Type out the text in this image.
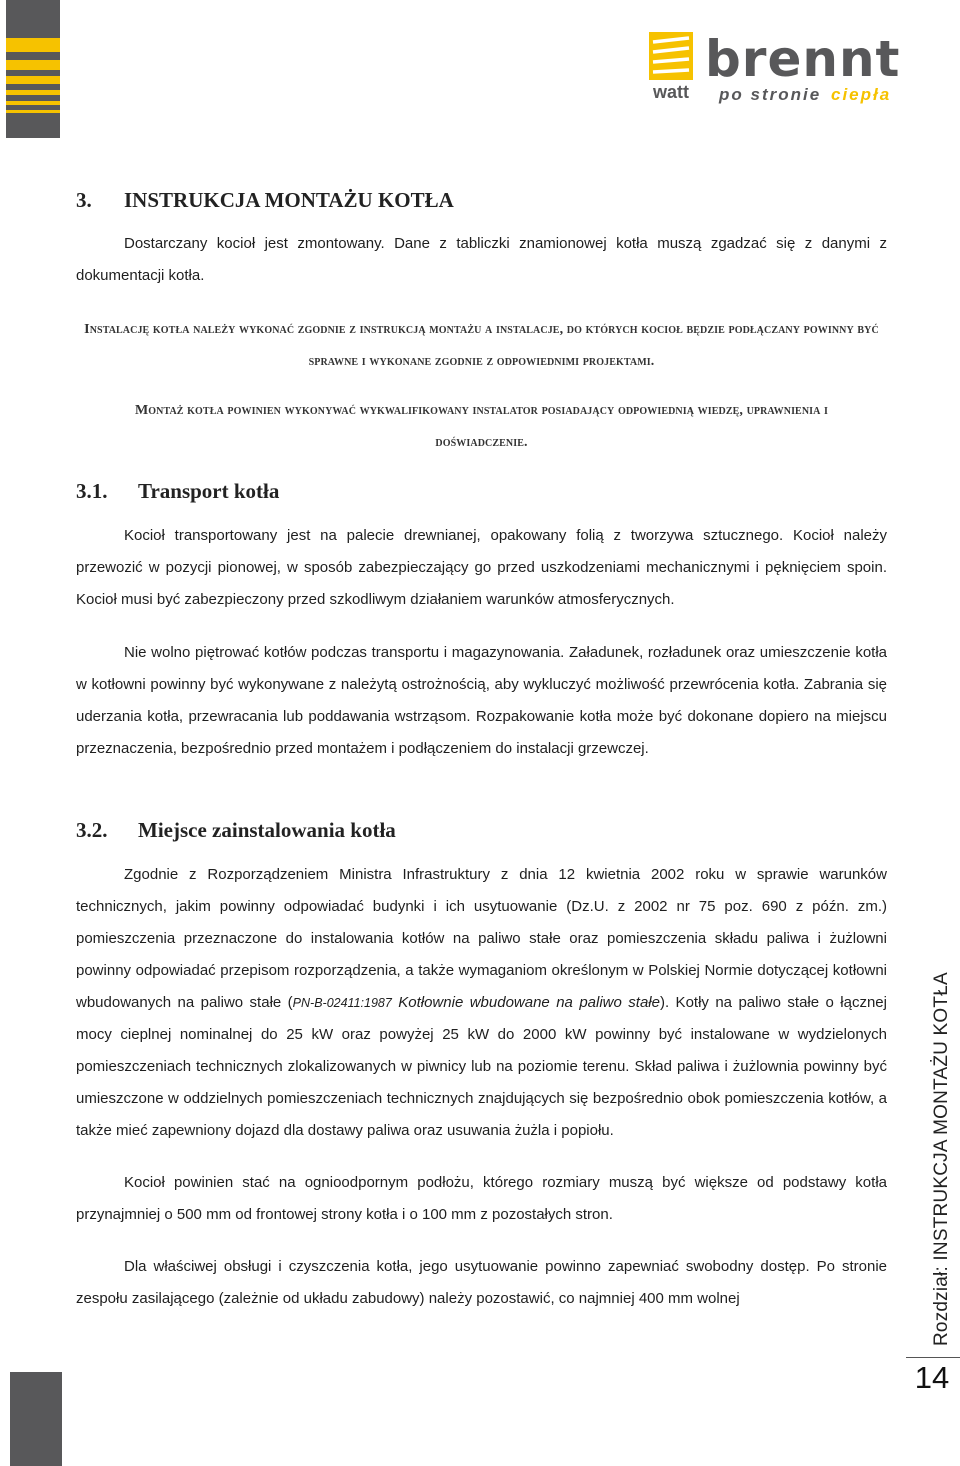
watt
brennt
po stronie ciepła
3. INSTRUKCJA MONTAŻU KOTŁA

Dostarczany kocioł jest zmontowany. Dane z tabliczki znamionowej kotła muszą zgadzać się z danymi z dokumentacji kotła.

Instalację kotła należy wykonać zgodnie z instrukcją montażu a instalacje, do których kocioł będzie podłączany powinny być sprawne i wykonane zgodnie z odpowiednimi projektami.

Montaż kotła powinien wykonywać wykwalifikowany instalator posiadający odpowiednią wiedzę, uprawnienia i doświadczenie.

3.1. Transport kotła

Kocioł transportowany jest na palecie drewnianej, opakowany folią z tworzywa sztucznego. Kocioł należy przewozić w pozycji pionowej, w sposób zabezpieczający go przed uszkodzeniami mechanicznymi i pęknięciem spoin. Kocioł musi być zabezpieczony przed szkodliwym działaniem warunków atmosferycznych.

Nie wolno piętrować kotłów podczas transportu i magazynowania. Załadunek, rozładunek oraz umieszczenie kotła w kotłowni powinny być wykonywane z należytą ostrożnością, aby wykluczyć możliwość przewrócenia kotła. Zabrania się uderzania kotła, przewracania lub poddawania wstrząsom. Rozpakowanie kotła może być dokonane dopiero na miejscu przeznaczenia, bezpośrednio przed montażem i podłączeniem do instalacji grzewczej.

3.2. Miejsce zainstalowania kotła

Zgodnie z Rozporządzeniem Ministra Infrastruktury z dnia 12 kwietnia 2002 roku w sprawie warunków technicznych, jakim powinny odpowiadać budynki i ich usytuowanie (Dz.U. z 2002 nr 75 poz. 690 z późn. zm.) pomieszczenia przeznaczone do instalowania kotłów na paliwo stałe oraz pomieszczenia składu paliwa i żużlowni powinny odpowiadać przepisom rozporządzenia, a także wymaganiom określonym w Polskiej Normie dotyczącej kotłowni wbudowanych na paliwo stałe (PN-B-02411:1987 Kotłownie wbudowane na paliwo stałe). Kotły na paliwo stałe o łącznej mocy cieplnej nominalnej do 25 kW oraz powyżej 25 kW do 2000 kW powinny być instalowane w wydzielonych pomieszczeniach technicznych zlokalizowanych w piwnicy lub na poziomie terenu. Skład paliwa i żużlownia powinny być umieszczone w oddzielnych pomieszczeniach technicznych znajdujących się bezpośrednio obok pomieszczenia kotłów, a także mieć zapewniony dojazd dla dostawy paliwa oraz usuwania żużla i popiołu.

Kocioł powinien stać na ognioodpornym podłożu, którego rozmiary muszą być większe od podstawy kotła przynajmniej o 500 mm od frontowej strony kotła i o 100 mm z pozostałych stron.

Dla właściwej obsługi i czyszczenia kotła, jego usytuowanie powinno zapewniać swobodny dostęp. Po stronie zespołu zasilającego (zależnie od układu zabudowy) należy pozostawić, co najmniej 400 mm wolnej	Rozdział: INSTRUKCJA MONTAŻU KOTŁA
14
